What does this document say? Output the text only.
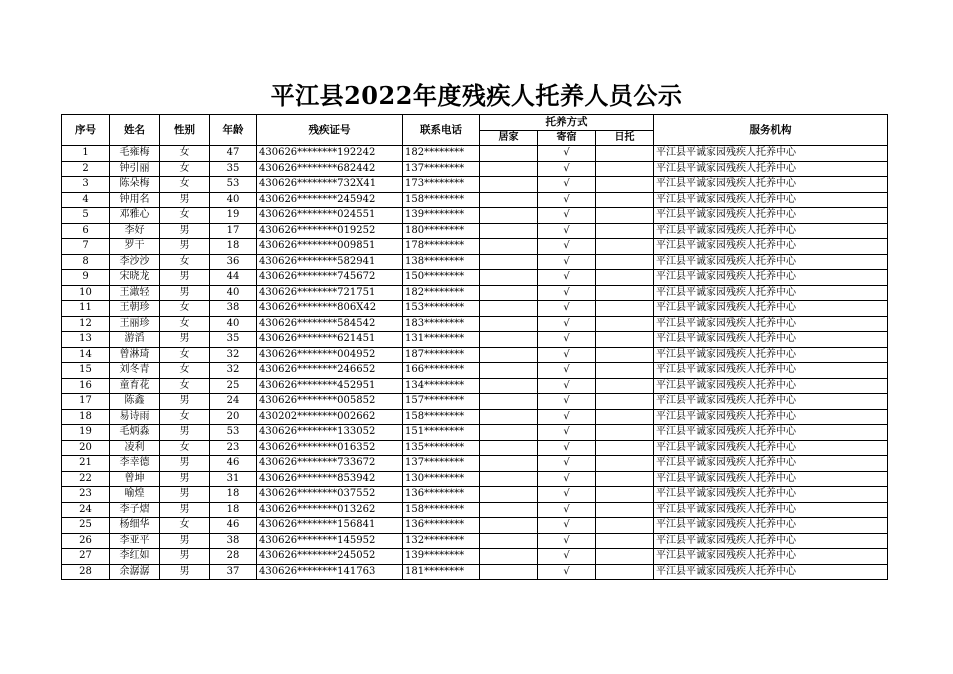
平江县2022年度残疾人托养人员公示
序号	姓名	性别	年龄	残疾证号	联系电话	托养方式			服务机构
						居家	寄宿	日托	
1	毛雍梅	女	47	430626********192242	182********		√		平江县平诚家园残疾人托养中心
2	钟引丽	女	35	430626********682442	137********		√		平江县平诚家园残疾人托养中心
3	陈朵梅	女	53	430626********732X41	173********		√		平江县平诚家园残疾人托养中心
4	钟用名	男	40	430626********245942	158********		√		平江县平诚家园残疾人托养中心
5	邓雅心	女	19	430626********024551	139********		√		平江县平诚家园残疾人托养中心
6	李好	男	17	430626********019252	180********		√		平江县平诚家园残疾人托养中心
7	罗干	男	18	430626********009851	178********		√		平江县平诚家园残疾人托养中心
8	李沙沙	女	36	430626********582941	138********		√		平江县平诚家园残疾人托养中心
9	宋晓龙	男	44	430626********745672	150********		√		平江县平诚家园残疾人托养中心
10	王澉轻	男	40	430626********721751	182********		√		平江县平诚家园残疾人托养中心
11	王朝珍	女	38	430626********806X42	153********		√		平江县平诚家园残疾人托养中心
12	王丽珍	女	40	430626********584542	183********		√		平江县平诚家园残疾人托养中心
13	游滔	男	35	430626********621451	131********		√		平江县平诚家园残疾人托养中心
14	曾淋琦	女	32	430626********004952	187********		√		平江县平诚家园残疾人托养中心
15	刘冬青	女	32	430626********246652	166********		√		平江县平诚家园残疾人托养中心
16	童育花	女	25	430626********452951	134********		√		平江县平诚家园残疾人托养中心
17	陈鑫	男	24	430626********005852	157********		√		平江县平诚家园残疾人托养中心
18	易诗雨	女	20	430202********002662	158********		√		平江县平诚家园残疾人托养中心
19	毛炳淼	男	53	430626********133052	151********		√		平江县平诚家园残疾人托养中心
20	凌利	女	23	430626********016352	135********		√		平江县平诚家园残疾人托养中心
21	李幸德	男	46	430626********733672	137********		√		平江县平诚家园残疾人托养中心
22	曾坤	男	31	430626********853942	130********		√		平江县平诚家园残疾人托养中心
23	喻煌	男	18	430626********037552	136********		√		平江县平诚家园残疾人托养中心
24	李子熠	男	18	430626********013262	158********		√		平江县平诚家园残疾人托养中心
25	杨细华	女	46	430626********156841	136********		√		平江县平诚家园残疾人托养中心
26	李亚平	男	38	430626********145952	132********		√		平江县平诚家园残疾人托养中心
27	李红如	男	28	430626********245052	139********		√		平江县平诚家园残疾人托养中心
28	余潺潺	男	37	430626********141763	181********		√		平江县平诚家园残疾人托养中心
